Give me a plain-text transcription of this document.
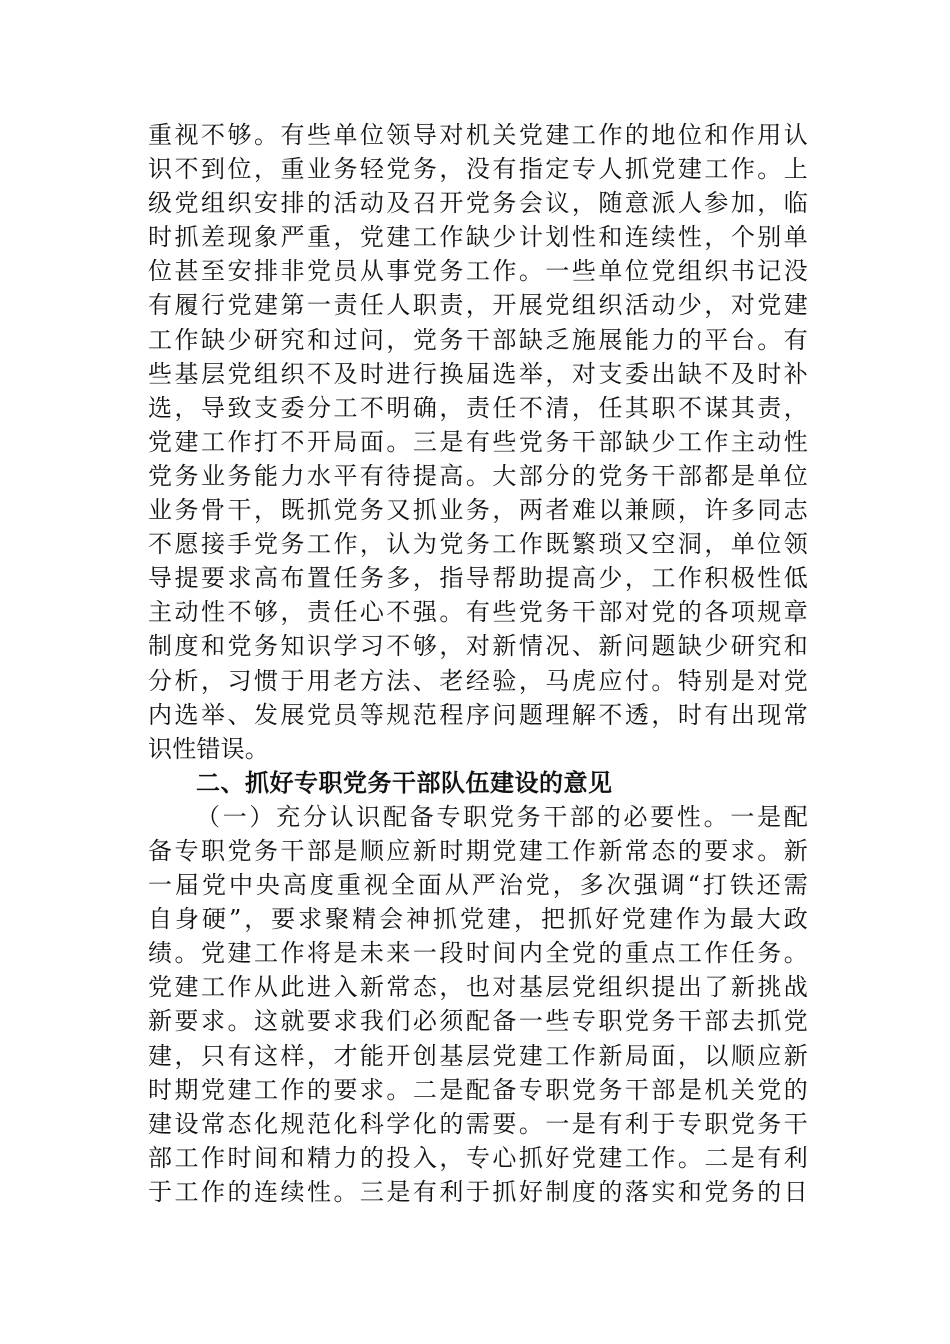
重视不够。有些单位领导对机关党建工作的地位和作用认
识不到位，重业务轻党务，没有指定专人抓党建工作。上
级党组织安排的活动及召开党务会议，随意派人参加，临
时抓差现象严重，党建工作缺少计划性和连续性，个别单
位甚至安排非党员从事党务工作。一些单位党组织书记没
有履行党建第一责任人职责，开展党组织活动少，对党建
工作缺少研究和过问，党务干部缺乏施展能力的平台。有
些基层党组织不及时进行换届选举，对支委出缺不及时补
选，导致支委分工不明确，责任不清，任其职不谋其责，
党建工作打不开局面。三是有些党务干部缺少工作主动性
党务业务能力水平有待提高。大部分的党务干部都是单位
业务骨干，既抓党务又抓业务，两者难以兼顾，许多同志
不愿接手党务工作，认为党务工作既繁琐又空洞，单位领
导提要求高布置任务多，指导帮助提高少，工作积极性低
主动性不够，责任心不强。有些党务干部对党的各项规章
制度和党务知识学习不够，对新情况、新问题缺少研究和
分析，习惯于用老方法、老经验，马虎应付。特别是对党
内选举、发展党员等规范程序问题理解不透，时有出现常
识性错误。
二、抓好专职党务干部队伍建设的意见
（一）充分认识配备专职党务干部的必要性。一是配
备专职党务干部是顺应新时期党建工作新常态的要求。新
一届党中央高度重视全面从严治党，多次强调“打铁还需
自身硬”，要求聚精会神抓党建，把抓好党建作为最大政
绩。党建工作将是未来一段时间内全党的重点工作任务。
党建工作从此进入新常态，也对基层党组织提出了新挑战
新要求。这就要求我们必须配备一些专职党务干部去抓党
建，只有这样，才能开创基层党建工作新局面，以顺应新
时期党建工作的要求。二是配备专职党务干部是机关党的
建设常态化规范化科学化的需要。一是有利于专职党务干
部工作时间和精力的投入，专心抓好党建工作。二是有利
于工作的连续性。三是有利于抓好制度的落实和党务的日
